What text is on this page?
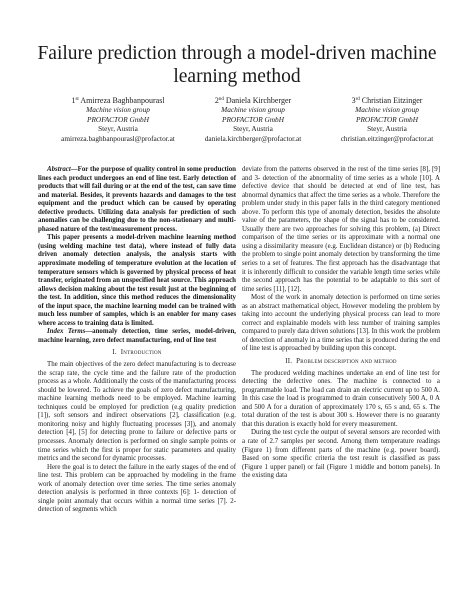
Failure prediction through a model-driven machine learning method
1st Amirreza Baghbanpourasl
Machine vision group
PROFACTOR GmbH
Steyr, Austria
amirreza.baghbanpourasl@profactor.at
2nd Daniela Kirchberger
Machine vision group
PROFACTOR GmbH
Steyr, Austria
daniela.kirchberger@profactor.at
3rd Christian Eitzinger
Machine vision group
PROFACTOR GmbH
Steyr, Austria
christian.eitzinger@profactor.at

Abstract—For the purpose of quality control in some production lines each product undergoes an end of line test. Early detection of products that will fail during or at the end of the test, can save time and material. Besides, it prevents hazards and damages to the test equipment and the product which can be caused by operating defective products. Utilizing data analysis for prediction of such anomalies can be challenging due to the non-stationary and multi-phased nature of the test/measurement process.

This paper presents a model-driven machine learning method (using welding machine test data), where instead of fully data driven anomaly detection analysis, the analysis starts with approximate modeling of temperature evolution at the location of temperature sensors which is governed by physical process of heat transfer, originated from an unspecified heat source. This approach allows decision making about the test result just at the beginning of the test. In addition, since this method reduces the dimensionality of the input space, the machine learning model can be trained with much less number of samples, which is an enabler for many cases where access to training data is limited.

Index Terms—anomaly detection, time series, model-driven, machine learning, zero defect manufacturing, end of line test

I. Introduction

The main objectives of the zero defect manufacturing is to decrease the scrap rate, the cycle time and the failure rate of the production process as a whole. Additionally the costs of the manufacturing process should be lowered. To achieve the goals of zero defect manufacturing, machine learning methods need to be employed. Machine learning techniques could be employed for prediction (e.g quality prediction [1]), soft sensors and indirect observations [2], classification (e.g. monitoring noisy and highly fluctuating processes [3]), and anomaly detection [4], [5] for detecting prone to failure or defective parts or processes. Anomaly detection is performed on single sample points or time series which the first is proper for static parameters and quality metrics and the second for dynamic processes.

Here the goal is to detect the failure in the early stages of the end of line test. This problem can be approached by modeling in the frame work of anomaly detection over time series. The time series anomaly detection analysis is performed in three contexts [6]: 1- detection of single point anomaly that occurs within a normal time series [7]. 2- detection of segments which

deviate from the patterns observed in the rest of the time series [8], [9] and 3- detection of the abnormality of time series as a whole [10]. A defective device that should be detected at end of line test, has abnormal dynamics that affect the time series as a whole. Therefore the problem under study in this paper falls in the third category mentioned above. To perform this type of anomaly detection, besides the absolute value of the parameters, the shape of the signal has to be considered. Usually there are two approaches for solving this problem, (a) Direct comparison of the time series or its approximate with a normal one using a dissimilarity measure (e.g. Euclidean distance) or (b) Reducing the problem to single point anomaly detection by transforming the time series to a set of features. The first approach has the disadvantage that it is inherently difficult to consider the variable length time series while the second approach has the potential to be adaptable to this sort of time series [11], [12].

Most of the work in anomaly detection is performed on time series as an abstract mathematical object, However modeling the problem by taking into account the underlying physical process can lead to more correct and explainable models with less number of training samples compared to purely data driven solutions [13]. In this work the problem of detection of anomaly in a time series that is produced during the end of line test is approached by building upon this concept.

II. Problem description and method

The produced welding machines undertake an end of line test for detecting the defective ones. The machine is connected to a programmable load. The load can drain an electric current up to 500 A. In this case the load is programmed to drain consecutively 500 A, 0 A and 500 A for a duration of approximately 170 s, 65 s and, 65 s. The total duration of the test is about 300 s. However there is no guaranty that this duration is exactly hold for every measurement.

During the test cycle the output of several sensors are recorded with a rate of 2.7 samples per second. Among them temperature readings (Figure 1) from different parts of the machine (e.g. power board). Based on some specific criteria the test result is classified as pass (Figure 1 upper panel) or fail (Figure 1 middle and bottom panels). In the existing data
